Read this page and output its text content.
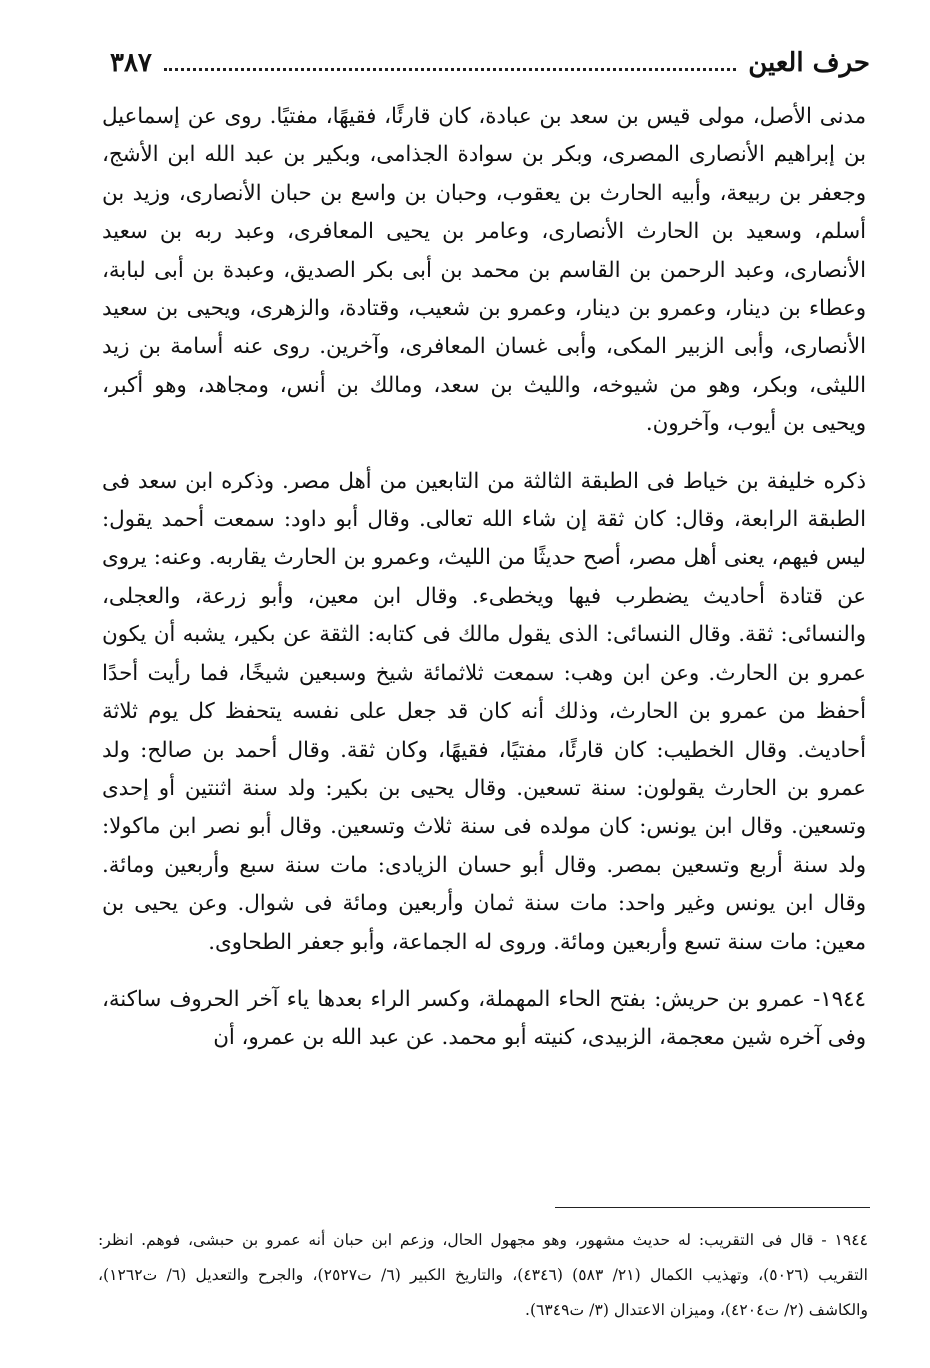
حرف العين
٣٨٧

مدنى الأصل، مولى قيس بن سعد بن عبادة، كان قارئًا، فقيهًا، مفتيًا. روى عن إسماعيل بن إبراهيم الأنصارى المصرى، وبكر بن سوادة الجذامى، وبكير بن عبد الله ابن الأشج، وجعفر بن ربيعة، وأبيه الحارث بن يعقوب، وحبان بن واسع بن حبان الأنصارى، وزيد بن أسلم، وسعيد بن الحارث الأنصارى، وعامر بن يحيى المعافرى، وعبد ربه بن سعيد الأنصارى، وعبد الرحمن بن القاسم بن محمد بن أبى بكر الصديق، وعبدة بن أبى لبابة، وعطاء بن دينار، وعمرو بن دينار، وعمرو بن شعيب، وقتادة، والزهرى، ويحيى بن سعيد الأنصارى، وأبى الزبير المكى، وأبى غسان المعافرى، وآخرين. روى عنه أسامة بن زيد الليثى، وبكر، وهو من شيوخه، والليث بن سعد، ومالك بن أنس، ومجاهد، وهو أكبر، ويحيى بن أيوب، وآخرون.

ذكره خليفة بن خياط فى الطبقة الثالثة من التابعين من أهل مصر. وذكره ابن سعد فى الطبقة الرابعة، وقال: كان ثقة إن شاء الله تعالى. وقال أبو داود: سمعت أحمد يقول: ليس فيهم، يعنى أهل مصر، أصح حديثًا من الليث، وعمرو بن الحارث يقاربه. وعنه: يروى عن قتادة أحاديث يضطرب فيها ويخطىء. وقال ابن معين، وأبو زرعة، والعجلى، والنسائى: ثقة. وقال النسائى: الذى يقول مالك فى كتابه: الثقة عن بكير، يشبه أن يكون عمرو بن الحارث. وعن ابن وهب: سمعت ثلاثمائة شيخ وسبعين شيخًا، فما رأيت أحدًا أحفظ من عمرو بن الحارث، وذلك أنه كان قد جعل على نفسه يتحفظ كل يوم ثلاثة أحاديث. وقال الخطيب: كان قارئًا، مفتيًا، فقيهًا، وكان ثقة. وقال أحمد بن صالح: ولد عمرو بن الحارث يقولون: سنة تسعين. وقال يحيى بن بكير: ولد سنة اثنتين أو إحدى وتسعين. وقال ابن يونس: كان مولده فى سنة ثلاث وتسعين. وقال أبو نصر ابن ماكولا: ولد سنة أربع وتسعين بمصر. وقال أبو حسان الزيادى: مات سنة سبع وأربعين ومائة. وقال ابن يونس وغير واحد: مات سنة ثمان وأربعين ومائة فى شوال. وعن يحيى بن معين: مات سنة تسع وأربعين ومائة. وروى له الجماعة، وأبو جعفر الطحاوى.

١٩٤٤- عمرو بن حريش: بفتح الحاء المهملة، وكسر الراء بعدها ياء آخر الحروف ساكنة، وفى آخره شين معجمة، الزبيدى، كنيته أبو محمد. عن عبد الله بن عمرو، أن

١٩٤٤ - قال فى التقريب: له حديث مشهور، وهو مجهول الحال، وزعم ابن حبان أنه عمرو بن حبشى، فوهم. انظر: التقريب (٥٠٢٦)، وتهذيب الكمال (٢١/ ٥٨٣) (٤٣٤٦)، والتاريخ الكبير (٦/ ت٢٥٢٧)، والجرح والتعديل (٦/ ت١٢٦٢)، والكاشف (٢/ ت٤٢٠٤)، وميزان الاعتدال (٣/ ت٦٣٤٩).
